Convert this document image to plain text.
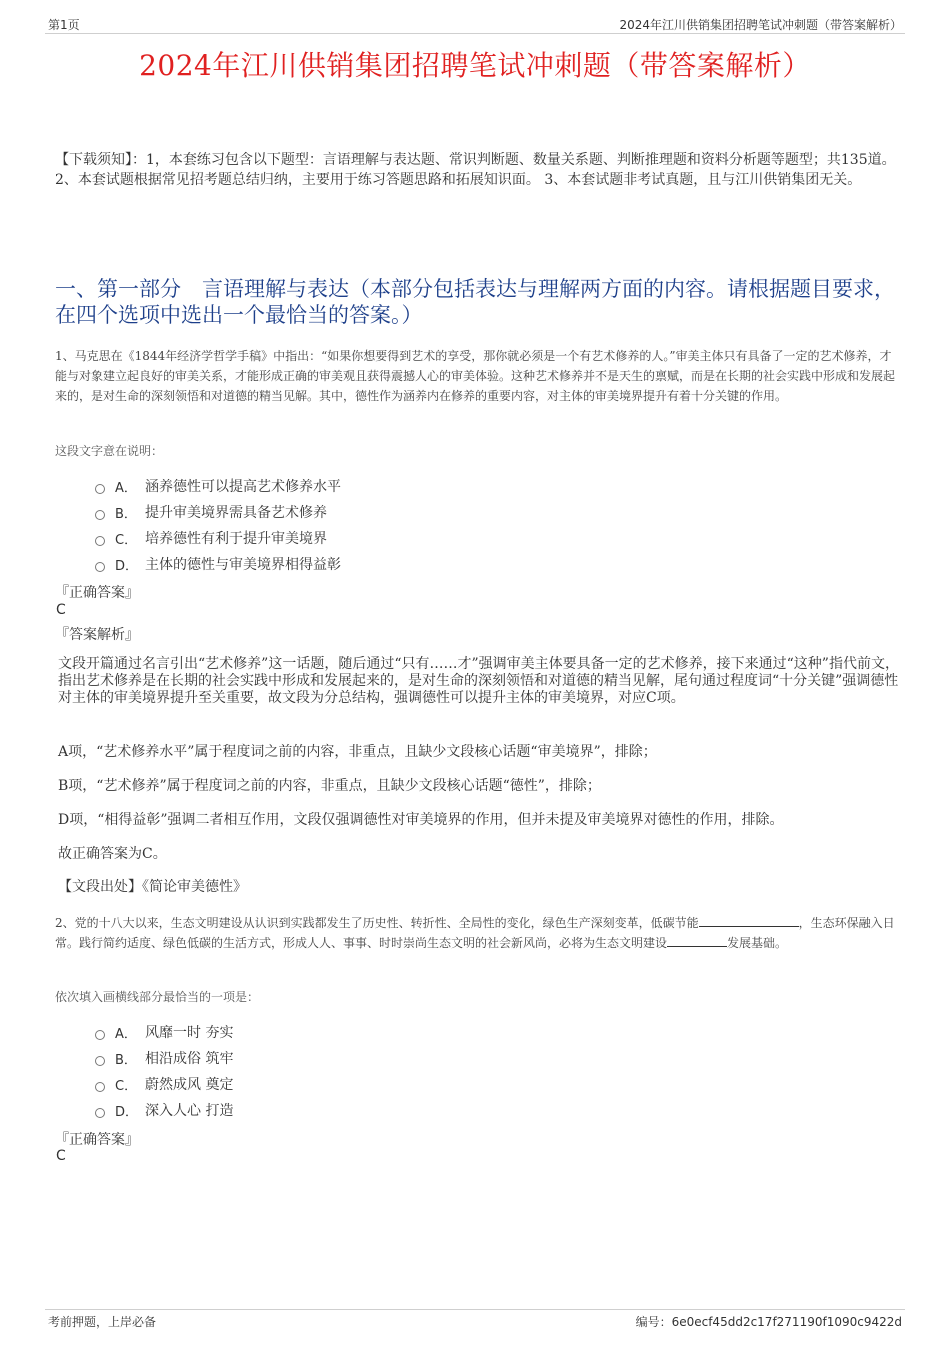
第1页	2024年江川供销集团招聘笔试冲刺题（带答案解析）
2024年江川供销集团招聘笔试冲刺题（带答案解析）
【下载须知】：1，本套练习包含以下题型：言语理解与表达题、常识判断题、数量关系题、判断推理题和资料分析题等题型；共135道。 2、本套试题根据常见招考题总结归纳，主要用于练习答题思路和拓展知识面。 3、本套试题非考试真题，且与江川供销集团无关。
一、第一部分　言语理解与表达（本部分包括表达与理解两方面的内容。请根据题目要求，在四个选项中选出一个最恰当的答案。）
1、马克思在《1844年经济学哲学手稿》中指出：“如果你想要得到艺术的享受，那你就必须是一个有艺术修养的人。”审美主体只有具备了一定的艺术修养，才能与对象建立起良好的审美关系，才能形成正确的审美观且获得震撼人心的审美体验。这种艺术修养并不是天生的禀赋，而是在长期的社会实践中形成和发展起来的，是对生命的深刻领悟和对道德的精当见解。其中，德性作为涵养内在修养的重要内容，对主体的审美境界提升有着十分关键的作用。
这段文字意在说明：
A． 涵养德性可以提高艺术修养水平
B． 提升审美境界需具备艺术修养
C． 培养德性有利于提升审美境界
D． 主体的德性与审美境界相得益彰
『正确答案』
C
『答案解析』
文段开篇通过名言引出“艺术修养”这一话题，随后通过“只有……才”强调审美主体要具备一定的艺术修养，接下来通过“这种”指代前文，指出艺术修养是在长期的社会实践中形成和发展起来的，是对生命的深刻领悟和对道德的精当见解，尾句通过程度词“十分关键”强调德性对主体的审美境界提升至关重要，故文段为分总结构，强调德性可以提升主体的审美境界，对应C项。
A项，“艺术修养水平”属于程度词之前的内容，非重点，且缺少文段核心话题“审美境界”，排除；
B项，“艺术修养”属于程度词之前的内容，非重点，且缺少文段核心话题“德性”，排除；
D项，“相得益彰”强调二者相互作用，文段仅强调德性对审美境界的作用，但并未提及审美境界对德性的作用，排除。
故正确答案为C。
【文段出处】《简论审美德性》
2、党的十八大以来，生态文明建设从认识到实践都发生了历史性、转折性、全局性的变化，绿色生产深刻变革，低碳节能	，生态环保融入日常。践行简约适度、绿色低碳的生活方式，形成人人、事事、时时崇尚生态文明的社会新风尚，必将为生态文明建设	发展基础。
依次填入画横线部分最恰当的一项是：
A． 风靡一时 夯实
B． 相沿成俗 筑牢
C． 蔚然成风 奠定
D． 深入人心 打造
『正确答案』
C
考前押题，上岸必备	编号：6e0ecf45dd2c17f271190f1090c9422d
